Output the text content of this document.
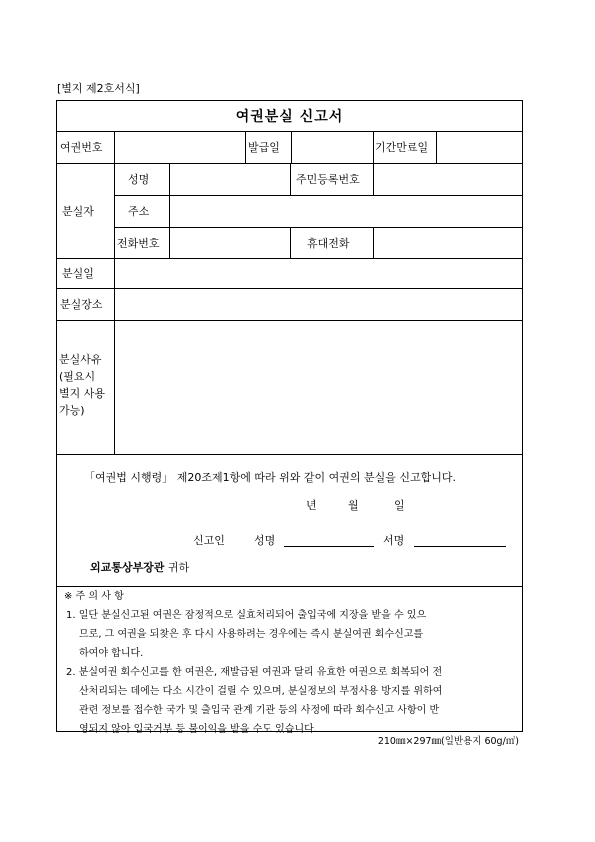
[별지 제2호서식]
여권분실 신고서
여권번호	발급일	기간만료일
분실자
성명	주민등록번호
주소
전화번호	휴대전화
분실일
분실장소
분실사유
(필요시
별지 사용
가능)
「여권법 시행령」 제20조제1항에 따라 위와 같이 여권의 분실을 신고합니다.
년	월	일
신고인	성명	서명
외교통상부장관 귀하
※ 주 의 사 항
1. 일단 분실신고된 여권은 잠정적으로 실효처리되어 출입국에 지장을 받을 수 있으
므로, 그 여권을 되찾은 후 다시 사용하려는 경우에는 즉시 분실여권 회수신고를
하여야 합니다.
2. 분실여권 회수신고를 한 여권은, 재발급된 여권과 달리 유효한 여권으로 회복되어 전
산처리되는 데에는 다소 시간이 걸릴 수 있으며, 분실정보의 부정사용 방지를 위하여
관련 정보를 접수한 국가 및 출입국 관계 기관 등의 사정에 따라 회수신고 사항이 반
영되지 않아 입국거부 등 불이익을 받을 수도 있습니다.
210㎜×297㎜(일반용지 60g/㎡)
